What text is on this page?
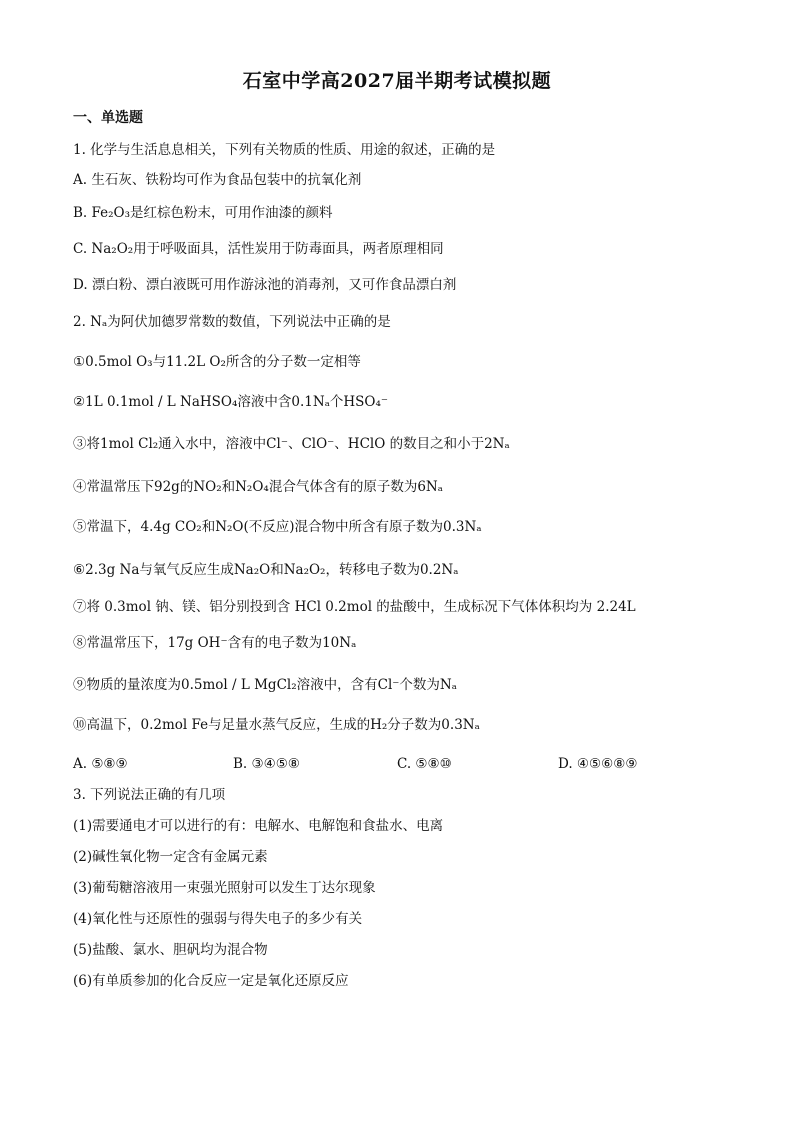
石室中学高2027届半期考试模拟题
一、单选题
1. 化学与生活息息相关，下列有关物质的性质、用途的叙述，正确的是
A. 生石灰、铁粉均可作为食品包装中的抗氧化剂
B. Fe₂O₃是红棕色粉末，可用作油漆的颜料
C. Na₂O₂用于呼吸面具，活性炭用于防毒面具，两者原理相同
D. 漂白粉、漂白液既可用作游泳池的消毒剂，又可作食品漂白剂
2. Nₐ为阿伏加德罗常数的数值，下列说法中正确的是
①0.5mol O₃与11.2L O₂所含的分子数一定相等
②1L 0.1mol / L NaHSO₄溶液中含0.1Nₐ个HSO₄⁻
③将1mol Cl₂通入水中，溶液中Cl⁻、ClO⁻、HClO 的数目之和小于2Nₐ
④常温常压下92g的NO₂和N₂O₄混合气体含有的原子数为6Nₐ
⑤常温下，4.4g CO₂和N₂O(不反应)混合物中所含有原子数为0.3Nₐ
⑥2.3g Na与氧气反应生成Na₂O和Na₂O₂，转移电子数为0.2Nₐ
⑦将 0.3mol 钠、镁、铝分别投到含 HCl 0.2mol 的盐酸中，生成标况下气体体积均为 2.24L
⑧常温常压下，17g OH⁻含有的电子数为10Nₐ
⑨物质的量浓度为0.5mol / L MgCl₂溶液中，含有Cl⁻个数为Nₐ
⑩高温下，0.2mol Fe与足量水蒸气反应，生成的H₂分子数为0.3Nₐ
A. ⑤⑧⑨	B. ③④⑤⑧	C. ⑤⑧⑩	D. ④⑤⑥⑧⑨
3. 下列说法正确的有几项
(1)需要通电才可以进行的有：电解水、电解饱和食盐水、电离
(2)碱性氧化物一定含有金属元素
(3)葡萄糖溶液用一束强光照射可以发生丁达尔现象
(4)氧化性与还原性的强弱与得失电子的多少有关
(5)盐酸、氯水、胆矾均为混合物
(6)有单质参加的化合反应一定是氧化还原反应
